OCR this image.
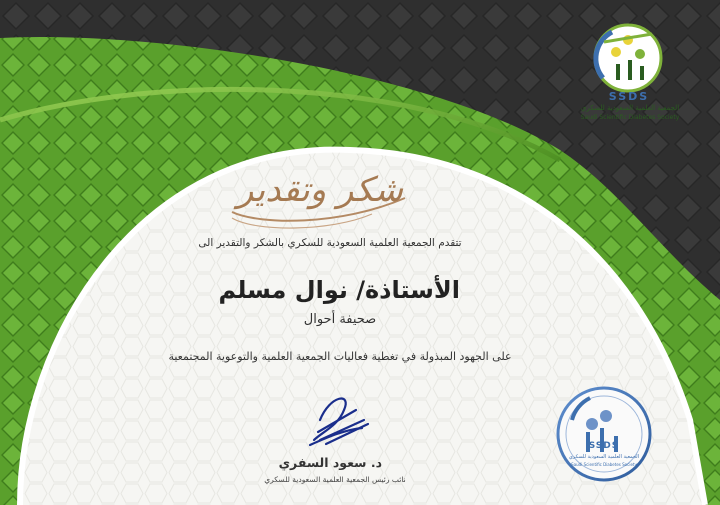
SSDS
الجمعية العلمية السعودية للسكري
Saudi Scientific Diabetes Society
شكر وتقدير
تتقدم الجمعية العلمية السعودية للسكري بالشكر والتقدير الى
الأستاذة/ نوال مسلم
صحيفة أحوال
على الجهود المبذولة في تغطية فعاليات الجمعية العلمية والتوعوية المجتمعية
د. سعود السفري
نائب رئيس الجمعية العلمية السعودية للسكري
SSDS
الجمعية العلمية السعودية للسكري
Saudi Scientific Diabetes Society
